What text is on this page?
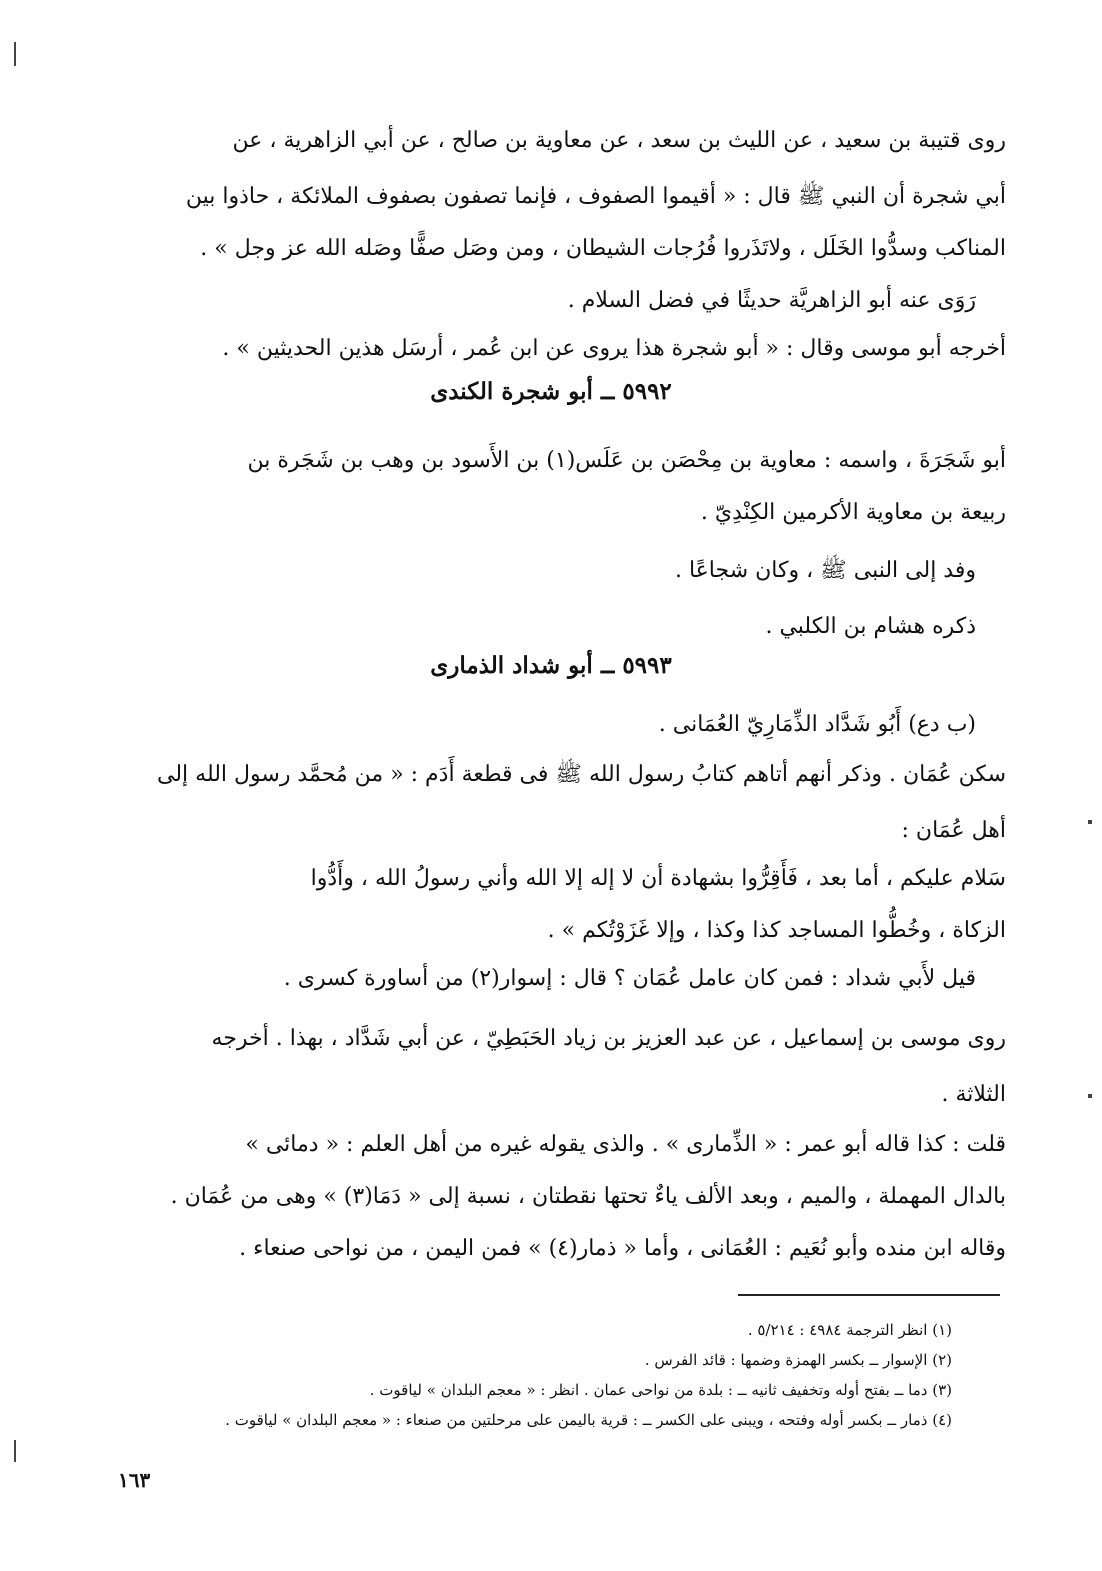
روى قتيبة بن سعيد ، عن الليث بن سعد ، عن معاوية بن صالح ، عن أبي الزاهرية ، عن
أبي شجرة أن النبي ﷺ قال : « أقيموا الصفوف ، فإنما تصفون بصفوف الملائكة ، حاذوا بين
المناكب وسدُّوا الخَلَل ، ولاتَذَروا فُرُجات الشيطان ، ومن وصَل صفًّا وصَله الله عز وجل » .
رَوَى عنه أبو الزاهريَّة حديثًا في فضل السلام .
أخرجه أبو موسى وقال : « أبو شجرة هذا يروى عن ابن عُمر ، أرسَل هذين الحديثين » .
٥٩٩٢ ــ أبو شجرة الكندى
أبو شَجَرَةَ ، واسمه : معاوية بن مِحْصَن بن عَلَس(١) بن الأَسود بن وهب بن شَجَرة بن
ربيعة بن معاوية الأكرمين الكِنْدِيّ .
وفد إلى النبى ﷺ ، وكان شجاعًا .
ذكره هشام بن الكلبي .
٥٩٩٣ ــ أبو شداد الذمارى
(ب دع) أَبُو شَدَّاد الذِّمَارِيّ العُمَانى .
سكن عُمَان . وذكر أنهم أتاهم كتابُ رسول الله ﷺ فى قطعة أَدَم : « من مُحمَّد رسول الله إلى
أهل عُمَان :
سَلام عليكم ، أما بعد ، فَأَقِرُّوا بشهادة أن لا إله إلا الله وأني رسولُ الله ، وأَدُّوا
الزكاة ، وخُطُّوا المساجد كذا وكذا ، وإلا غَزَوْتُكم » .
قيل لأَبي شداد : فمن كان عامل عُمَان ؟ قال : إسوار(٢) من أساورة كسرى .
روى موسى بن إسماعيل ، عن عبد العزيز بن زياد الحَبَطِيّ ، عن أبي شَدَّاد ، بهذا . أخرجه
الثلاثة .
قلت : كذا قاله أبو عمر : « الذِّمارى » . والذى يقوله غيره من أهل العلم : « دمائى »
بالدال المهملة ، والميم ، وبعد الألف ياءٌ تحتها نقطتان ، نسبة إلى « دَمَا(٣) » وهى من عُمَان .
وقاله ابن منده وأبو نُعَيم : العُمَانى ، وأما « ذمار(٤) » فمن اليمن ، من نواحى صنعاء .
(١) انظر الترجمة ٤٩٨٤ : ٥/٢١٤ .
(٢) الإسوار ــ بكسر الهمزة وضمها : قائد الفرس .
(٣) دما ــ بفتح أوله وتخفيف ثانيه ــ : بلدة من نواحى عمان . انظر : « معجم البلدان » لياقوت .
(٤) ذمار ــ بكسر أوله وفتحه ، ويبنى على الكسر ــ : قرية باليمن على مرحلتين من صنعاء : « معجم البلدان » لياقوت .
١٦٣
